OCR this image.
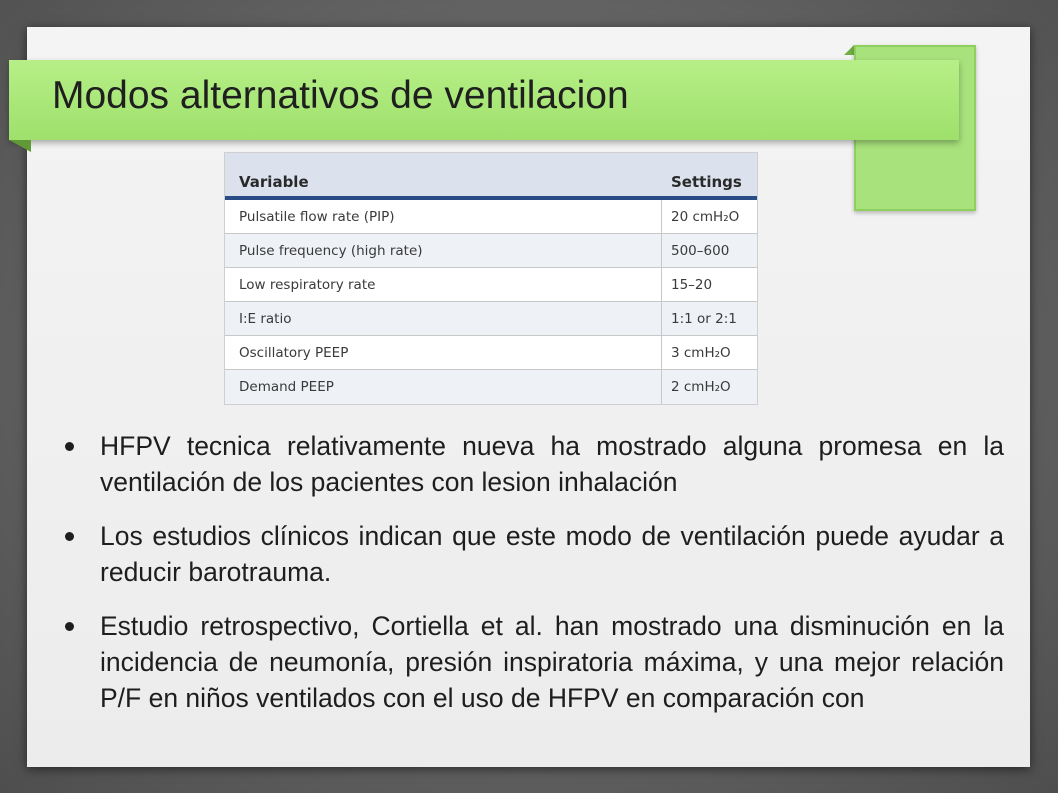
Modos alternativos de ventilacion
Variable	Settings
Pulsatile flow rate (PIP)	20 cmH₂O
Pulse frequency (high rate)	500–600
Low respiratory rate	15–20
I:E ratio	1:1 or 2:1
Oscillatory PEEP	3 cmH₂O
Demand PEEP	2 cmH₂O
HFPV tecnica relativamente nueva ha mostrado alguna promesa en la ventilación de los pacientes con lesion inhalación
Los estudios clínicos indican que este modo de ventilación puede ayudar a reducir barotrauma.
Estudio retrospectivo, Cortiella et al. han mostrado una disminución en la incidencia de neumonía, presión inspiratoria máxima, y una mejor relación P/F en niños ventilados con el uso de HFPV en comparación con
